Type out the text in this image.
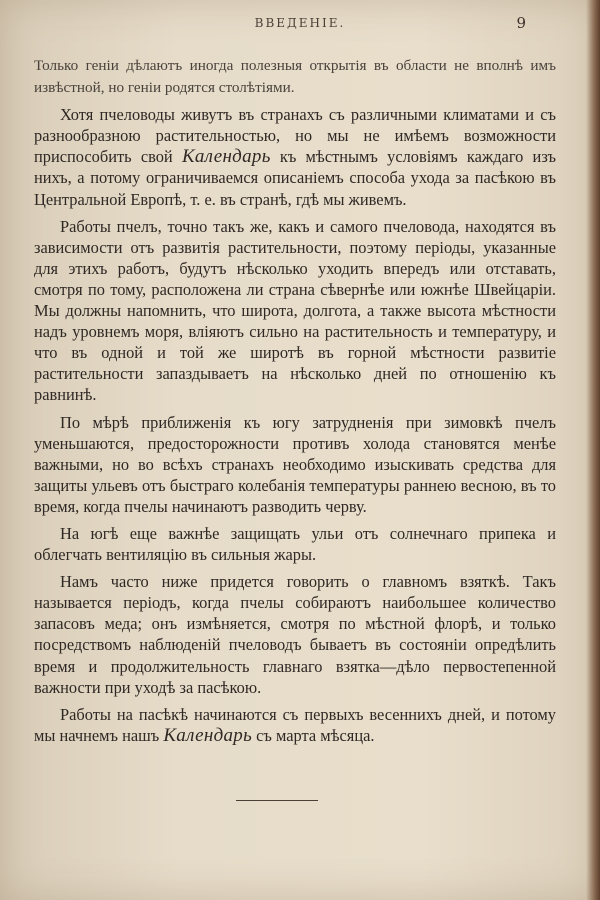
ВВЕДЕНІЕ.	9

Только геніи дѣлаютъ иногда полезныя открытія въ области не вполнѣ имъ извѣстной, но геніи родятся столѣтіями.

Хотя пчеловоды живутъ въ странахъ съ различными климатами и съ разнообразною растительностью, но мы не имѣемъ возможности приспособить свой Календарь къ мѣстнымъ условіямъ каждаго изъ нихъ, а потому ограничиваемся описаніемъ способа ухода за пасѣкою въ Центральной Европѣ, т. е. въ странѣ, гдѣ мы живемъ.

Работы пчелъ, точно такъ же, какъ и самого пчеловода, находятся въ зависимости отъ развитія растительности, поэтому періоды, указанные для этихъ работъ, будутъ нѣсколько уходить впередъ или отставать, смотря по тому, расположена ли страна сѣвернѣе или южнѣе Швейцаріи. Мы должны напомнить, что широта, долгота, а также высота мѣстности надъ уровнемъ моря, вліяютъ сильно на растительность и температуру, и что въ одной и той же широтѣ въ горной мѣстности развитіе растительности запаздываетъ на нѣсколько дней по отношенію къ равнинѣ.

По мѣрѣ приближенія къ югу затрудненія при зимовкѣ пчелъ уменьшаются, предосторожности противъ холода становятся менѣе важными, но во всѣхъ странахъ необходимо изыскивать средства для защиты ульевъ отъ быстраго колебанія температуры раннею весною, въ то время, когда пчелы начинаютъ разводить черву.

На югѣ еще важнѣе защищать ульи отъ солнечнаго припека и облегчать вентиляцію въ сильныя жары.

Намъ часто ниже придется говорить о главномъ взяткѣ. Такъ называется періодъ, когда пчелы собираютъ наибольшее количество запасовъ меда; онъ измѣняется, смотря по мѣстной флорѣ, и только посредствомъ наблюденій пчеловодъ бываетъ въ состояніи опредѣлить время и продолжительность главнаго взятка—дѣло первостепенной важности при уходѣ за пасѣкою.

Работы на пасѣкѣ начинаются съ первыхъ весеннихъ дней, и потому мы начнемъ нашъ Календарь съ марта мѣсяца.
